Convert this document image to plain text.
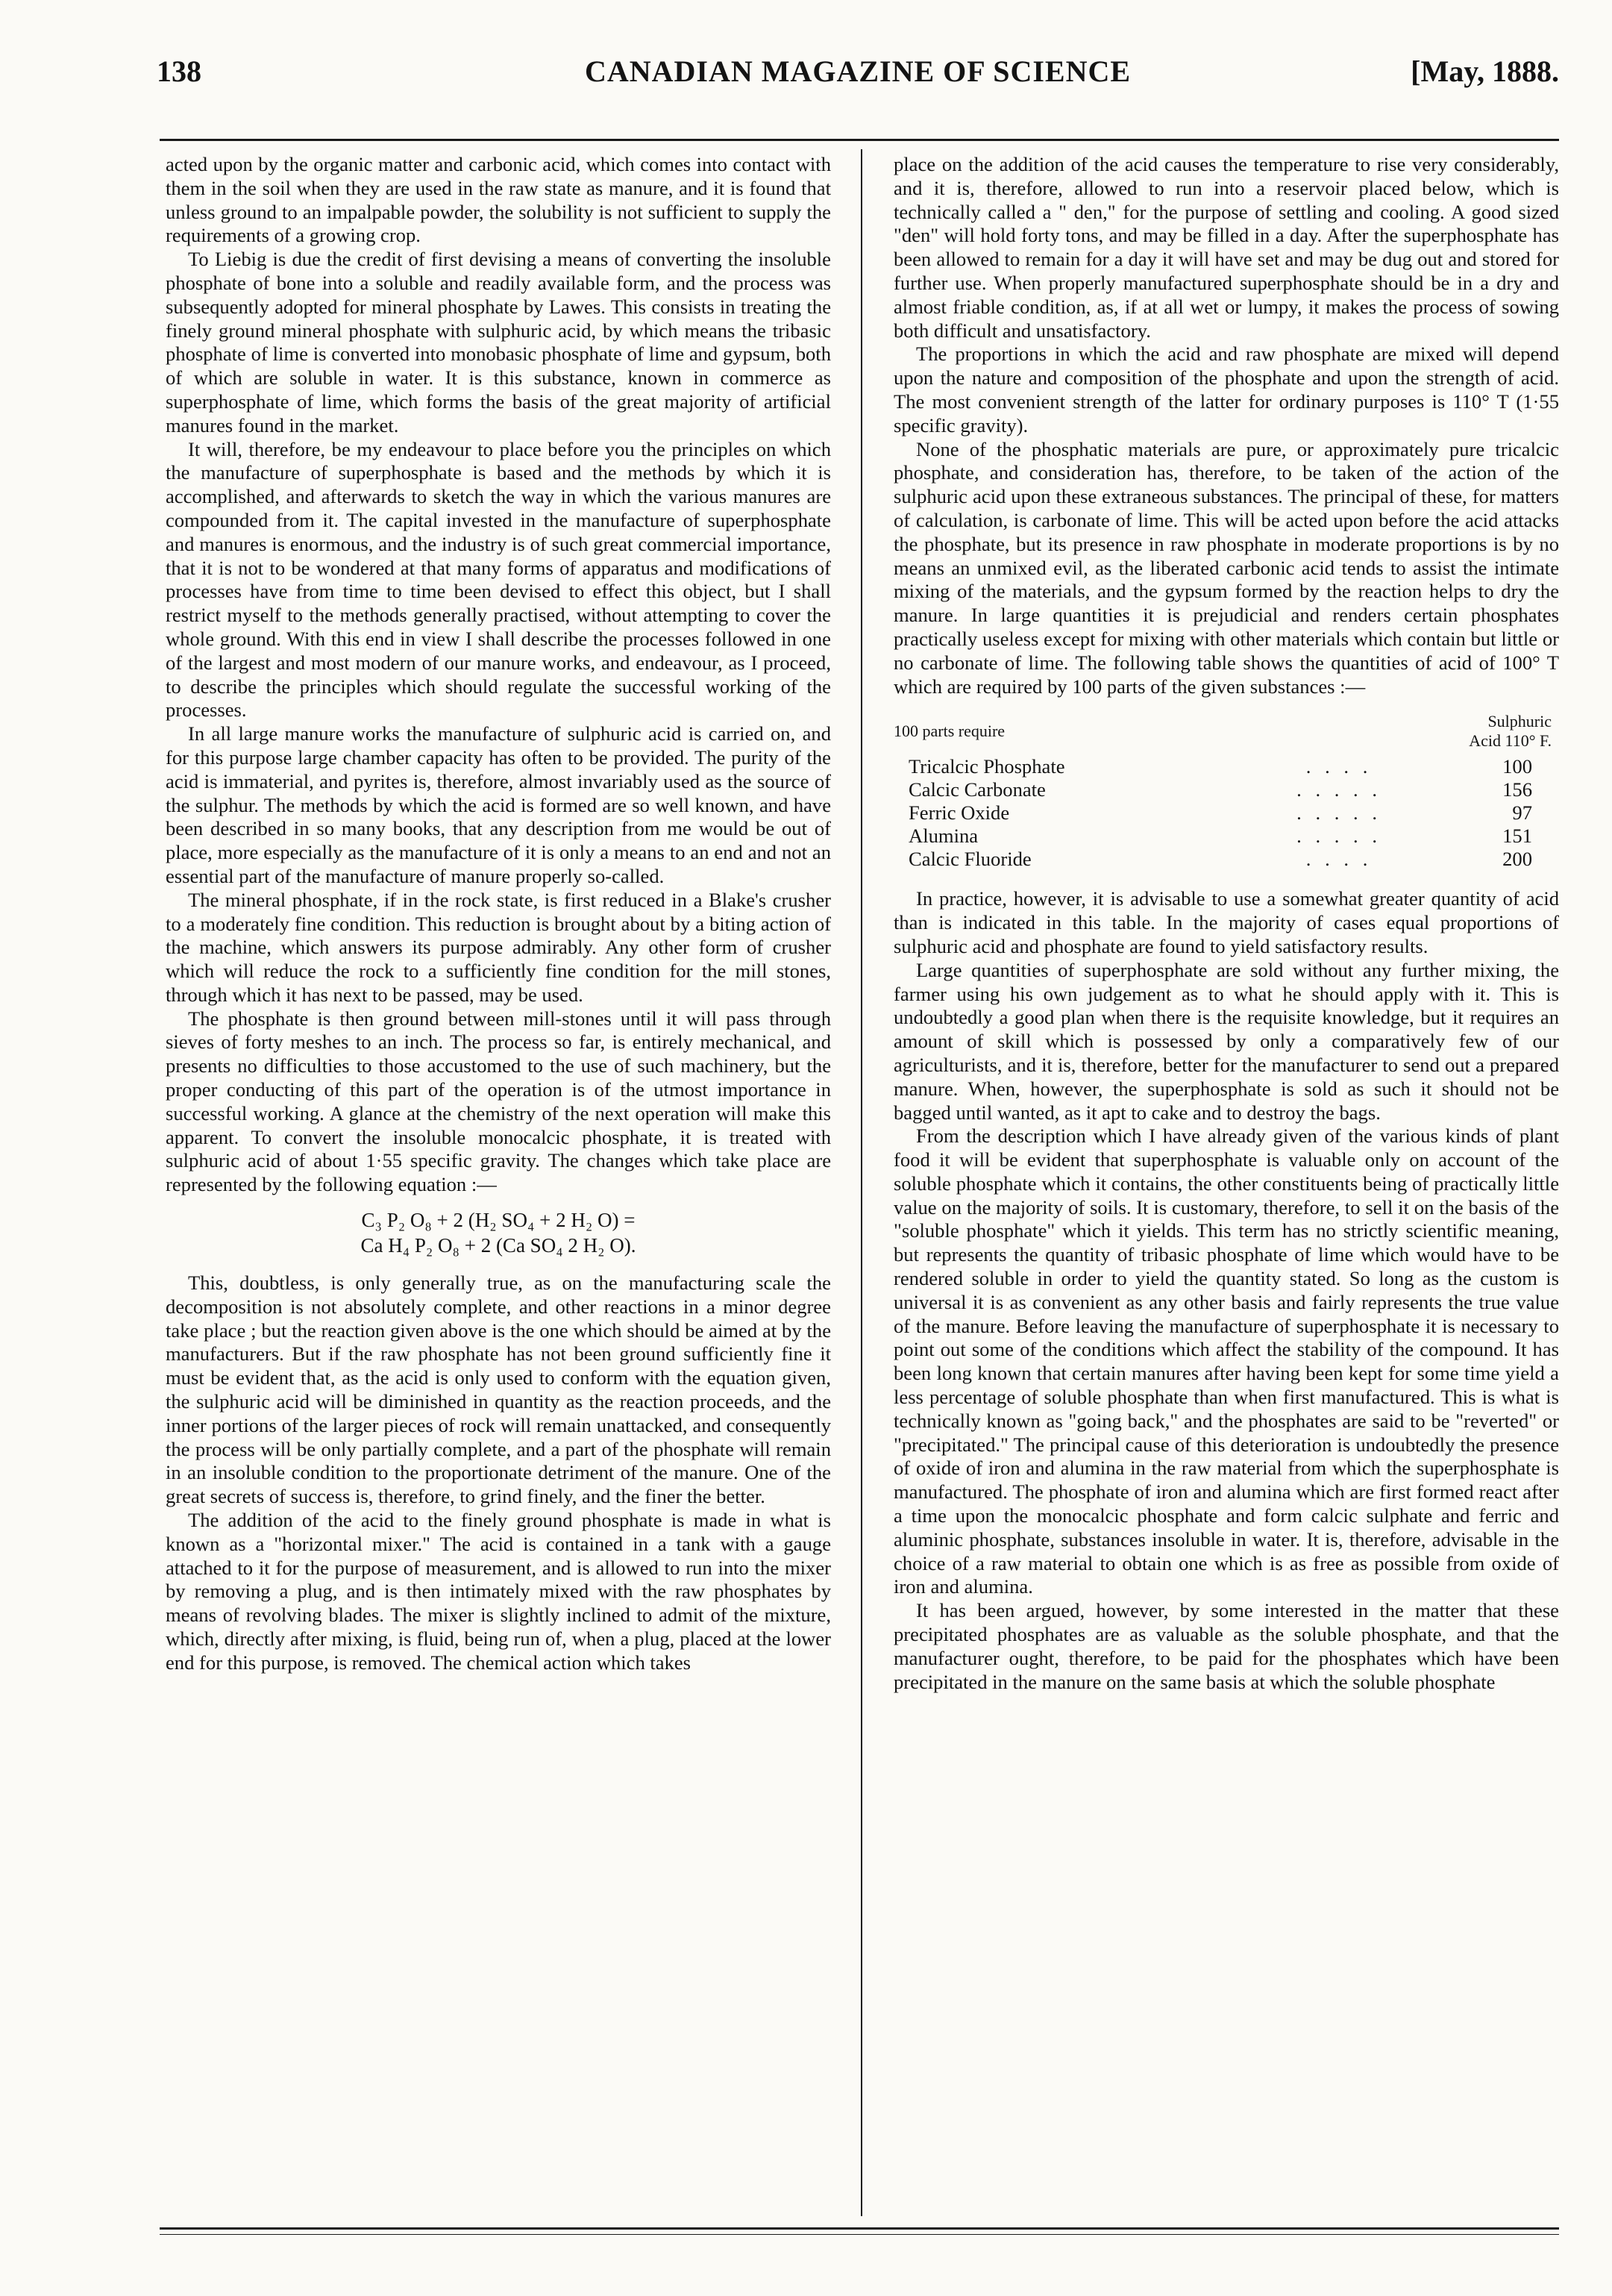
138	CANADIAN MAGAZINE OF SCIENCE	[May, 1888.

acted upon by the organic matter and carbonic acid, which comes into contact with them in the soil when they are used in the raw state as manure, and it is found that unless ground to an impalpable powder, the solubility is not sufficient to supply the requirements of a growing crop.

To Liebig is due the credit of first devising a means of converting the insoluble phosphate of bone into a soluble and readily available form, and the process was subsequently adopted for mineral phosphate by Lawes. This consists in treating the finely ground mineral phosphate with sulphuric acid, by which means the tribasic phosphate of lime is converted into monobasic phosphate of lime and gypsum, both of which are soluble in water. It is this substance, known in commerce as superphosphate of lime, which forms the basis of the great majority of artificial manures found in the market.

It will, therefore, be my endeavour to place before you the principles on which the manufacture of superphosphate is based and the methods by which it is accomplished, and afterwards to sketch the way in which the various manures are compounded from it. The capital invested in the manufacture of superphosphate and manures is enormous, and the industry is of such great commercial importance, that it is not to be wondered at that many forms of apparatus and modifications of processes have from time to time been devised to effect this object, but I shall restrict myself to the methods generally practised, without attempting to cover the whole ground. With this end in view I shall describe the processes followed in one of the largest and most modern of our manure works, and endeavour, as I proceed, to describe the principles which should regulate the successful working of the processes.

In all large manure works the manufacture of sulphuric acid is carried on, and for this purpose large chamber capacity has often to be provided. The purity of the acid is immaterial, and pyrites is, therefore, almost invariably used as the source of the sulphur. The methods by which the acid is formed are so well known, and have been described in so many books, that any description from me would be out of place, more especially as the manufacture of it is only a means to an end and not an essential part of the manufacture of manure properly so-called.

The mineral phosphate, if in the rock state, is first reduced in a Blake's crusher to a moderately fine condition. This reduction is brought about by a biting action of the machine, which answers its purpose admirably. Any other form of crusher which will reduce the rock to a sufficiently fine condition for the mill stones, through which it has next to be passed, may be used.

The phosphate is then ground between mill-stones until it will pass through sieves of forty meshes to an inch. The process so far, is entirely mechanical, and presents no difficulties to those accustomed to the use of such machinery, but the proper conducting of this part of the operation is of the utmost importance in successful working. A glance at the chemistry of the next operation will make this apparent. To convert the insoluble monocalcic phosphate, it is treated with sulphuric acid of about 1·55 specific gravity. The changes which take place are represented by the following equation :—

C₃ P₂ O₈ + 2 (H₂ SO₄ + 2 H₂ O) =
Ca H₄ P₂ O₈ + 2 (Ca SO₄ 2 H₂ O).

This, doubtless, is only generally true, as on the manufacturing scale the decomposition is not absolutely complete, and other reactions in a minor degree take place ; but the reaction given above is the one which should be aimed at by the manufacturers. But if the raw phosphate has not been ground sufficiently fine it must be evident that, as the acid is only used to conform with the equation given, the sulphuric acid will be diminished in quantity as the reaction proceeds, and the inner portions of the larger pieces of rock will remain unattacked, and consequently the process will be only partially complete, and a part of the phosphate will remain in an insoluble condition to the proportionate detriment of the manure. One of the great secrets of success is, therefore, to grind finely, and the finer the better.

The addition of the acid to the finely ground phosphate is made in what is known as a "horizontal mixer." The acid is contained in a tank with a gauge attached to it for the purpose of measurement, and is allowed to run into the mixer by removing a plug, and is then intimately mixed with the raw phosphates by means of revolving blades. The mixer is slightly inclined to admit of the mixture, which, directly after mixing, is fluid, being run of, when a plug, placed at the lower end for this purpose, is removed. The chemical action which takes

place on the addition of the acid causes the temperature to rise very considerably, and it is, therefore, allowed to run into a reservoir placed below, which is technically called a " den," for the purpose of settling and cooling. A good sized "den" will hold forty tons, and may be filled in a day. After the superphosphate has been allowed to remain for a day it will have set and may be dug out and stored for further use. When properly manufactured superphosphate should be in a dry and almost friable condition, as, if at all wet or lumpy, it makes the process of sowing both difficult and unsatisfactory.

The proportions in which the acid and raw phosphate are mixed will depend upon the nature and composition of the phosphate and upon the strength of acid. The most convenient strength of the latter for ordinary purposes is 110° T (1·55 specific gravity).

None of the phosphatic materials are pure, or approximately pure tricalcic phosphate, and consideration has, therefore, to be taken of the action of the sulphuric acid upon these extraneous substances. The principal of these, for matters of calculation, is carbonate of lime. This will be acted upon before the acid attacks the phosphate, but its presence in raw phosphate in moderate proportions is by no means an unmixed evil, as the liberated carbonic acid tends to assist the intimate mixing of the materials, and the gypsum formed by the reaction helps to dry the manure. In large quantities it is prejudicial and renders certain phosphates practically useless except for mixing with other materials which contain but little or no carbonate of lime. The following table shows the quantities of acid of 100° T which are required by 100 parts of the given substances :—

100 parts require		Sulphuric Acid 110° F.
Tricalcic Phosphate	. . . .	100
Calcic Carbonate	. . . . .	156
Ferric Oxide	. . . . .	97
Alumina	. . . . .	151
Calcic Fluoride	. . . .	200

In practice, however, it is advisable to use a somewhat greater quantity of acid than is indicated in this table. In the majority of cases equal proportions of sulphuric acid and phosphate are found to yield satisfactory results.

Large quantities of superphosphate are sold without any further mixing, the farmer using his own judgement as to what he should apply with it. This is undoubtedly a good plan when there is the requisite knowledge, but it requires an amount of skill which is possessed by only a comparatively few of our agriculturists, and it is, therefore, better for the manufacturer to send out a prepared manure. When, however, the superphosphate is sold as such it should not be bagged until wanted, as it apt to cake and to destroy the bags.

From the description which I have already given of the various kinds of plant food it will be evident that superphosphate is valuable only on account of the soluble phosphate which it contains, the other constituents being of practically little value on the majority of soils. It is customary, therefore, to sell it on the basis of the "soluble phosphate" which it yields. This term has no strictly scientific meaning, but represents the quantity of tribasic phosphate of lime which would have to be rendered soluble in order to yield the quantity stated. So long as the custom is universal it is as convenient as any other basis and fairly represents the true value of the manure. Before leaving the manufacture of superphosphate it is necessary to point out some of the conditions which affect the stability of the compound. It has been long known that certain manures after having been kept for some time yield a less percentage of soluble phosphate than when first manufactured. This is what is technically known as "going back," and the phosphates are said to be "reverted" or "precipitated." The principal cause of this deterioration is undoubtedly the presence of oxide of iron and alumina in the raw material from which the superphosphate is manufactured. The phosphate of iron and alumina which are first formed react after a time upon the monocalcic phosphate and form calcic sulphate and ferric and aluminic phosphate, substances insoluble in water. It is, therefore, advisable in the choice of a raw material to obtain one which is as free as possible from oxide of iron and alumina.

It has been argued, however, by some interested in the matter that these precipitated phosphates are as valuable as the soluble phosphate, and that the manufacturer ought, therefore, to be paid for the phosphates which have been precipitated in the manure on the same basis at which the soluble phosphate
